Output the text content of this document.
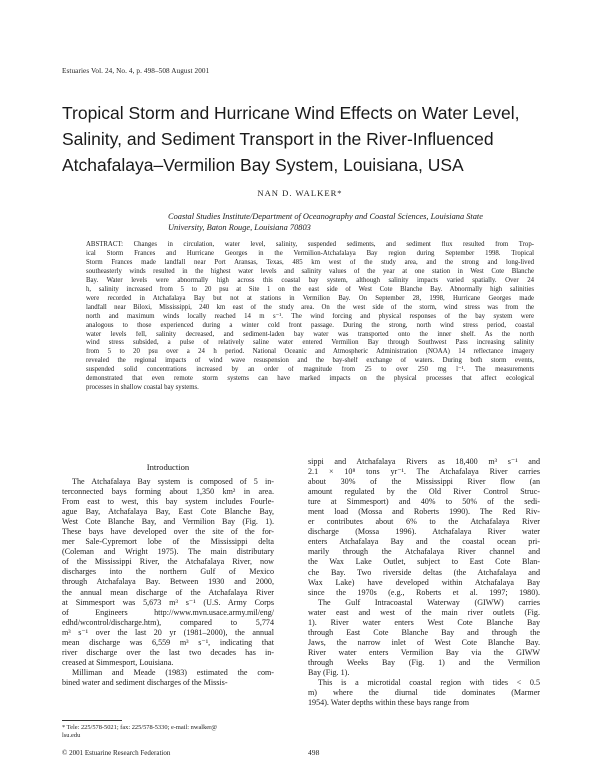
Estuaries Vol. 24, No. 4, p. 498–508 August 2001
Tropical Storm and Hurricane Wind Effects on Water Level,
Salinity, and Sediment Transport in the River-Influenced
Atchafalaya–Vermilion Bay System, Louisiana, USA
NAN D. WALKER*
Coastal Studies Institute/Department of Oceanography and Coastal Sciences, Louisiana State
University, Baton Rouge, Louisiana 70803
ABSTRACT: Changes in circulation, water level, salinity, suspended sediments, and sediment flux resulted from Trop-
ical Storm Frances and Hurricane Georges in the Vermilion-Atchafalaya Bay region during September 1998. Tropical
Storm Frances made landfall near Port Aransas, Texas, 485 km west of the study area, and the strong and long-lived
southeasterly winds resulted in the highest water levels and salinity values of the year at one station in West Cote Blanche
Bay. Water levels were abnormally high across this coastal bay system, although salinity impacts varied spatially. Over 24
h, salinity increased from 5 to 20 psu at Site 1 on the east side of West Cote Blanche Bay. Abnormally high salinities
were recorded in Atchafalaya Bay but not at stations in Vermilion Bay. On September 28, 1998, Hurricane Georges made
landfall near Biloxi, Mississippi, 240 km east of the study area. On the west side of the storm, wind stress was from the
north and maximum winds locally reached 14 m s⁻¹. The wind forcing and physical responses of the bay system were
analogous to those experienced during a winter cold front passage. During the strong, north wind stress period, coastal
water levels fell, salinity decreased, and sediment-laden bay water was transported onto the inner shelf. As the north
wind stress subsided, a pulse of relatively saline water entered Vermilion Bay through Southwest Pass increasing salinity
from 5 to 20 psu over a 24 h period. National Oceanic and Atmospheric Administration (NOAA) 14 reflectance imagery
revealed the regional impacts of wind wave resuspension and the bay-shelf exchange of waters. During both storm events,
suspended solid concentrations increased by an order of magnitude from 25 to over 250 mg l⁻¹. The measurements
demonstrated that even remote storm systems can have marked impacts on the physical processes that affect ecological
processes in shallow coastal bay systems.
Introduction
The Atchafalaya Bay system is composed of 5 in-
terconnected bays forming about 1,350 km² in area.
From east to west, this bay system includes Fourle-
ague Bay, Atchafalaya Bay, East Cote Blanche Bay,
West Cote Blanche Bay, and Vermilion Bay (Fig. 1).
These bays have developed over the site of the for-
mer Sale-Cypremort lobe of the Mississippi delta
(Coleman and Wright 1975). The main distributary
of the Mississippi River, the Atchafalaya River, now
discharges into the northern Gulf of Mexico
through Atchafalaya Bay. Between 1930 and 2000,
the annual mean discharge of the Atchafalaya River
at Simmesport was 5,673 m³ s⁻¹ (U.S. Army Corps
of Engineers http://www.mvn.usace.army.mil/eng/
edhd/wcontrol/discharge.htm), compared to 5,774
m³ s⁻¹ over the last 20 yr (1981–2000), the annual
mean discharge was 6,559 m³ s⁻¹, indicating that
river discharge over the last two decades has in-
creased at Simmesport, Louisiana.
Milliman and Meade (1983) estimated the com-
bined water and sediment discharges of the Missis-
sippi and Atchafalaya Rivers as 18,400 m³ s⁻¹ and
2.1 × 10⁸ tons yr⁻¹. The Atchafalaya River carries
about 30% of the Mississippi River flow (an
amount regulated by the Old River Control Struc-
ture at Simmesport) and 40% to 50% of the sedi-
ment load (Mossa and Roberts 1990). The Red Riv-
er contributes about 6% to the Atchafalaya River
discharge (Mossa 1996). Atchafalaya River water
enters Atchafalaya Bay and the coastal ocean pri-
marily through the Atchafalaya River channel and
the Wax Lake Outlet, subject to East Cote Blan-
che Bay. Two riverside deltas (the Atchafalaya and
Wax Lake) have developed within Atchafalaya Bay
since the 1970s (e.g., Roberts et al. 1997; 1980).
The Gulf Intracoastal Waterway (GIWW) carries
water east and west of the main river outlets (Fig.
1). River water enters West Cote Blanche Bay
through East Cote Blanche Bay and through the
Jaws, the narrow inlet of West Cote Blanche Bay.
River water enters Vermilion Bay via the GIWW
through Weeks Bay (Fig. 1) and the Vermilion
Bay (Fig. 1).
This is a microtidal coastal region with tides < 0.5
m) where the diurnal tide dominates (Marmer
1954). Water depths within these bays range from
* Tele: 225/578-5021; fax: 225/578-5330; e-mail: nwalker@
lsu.edu
© 2001 Estuarine Research Federation	498
